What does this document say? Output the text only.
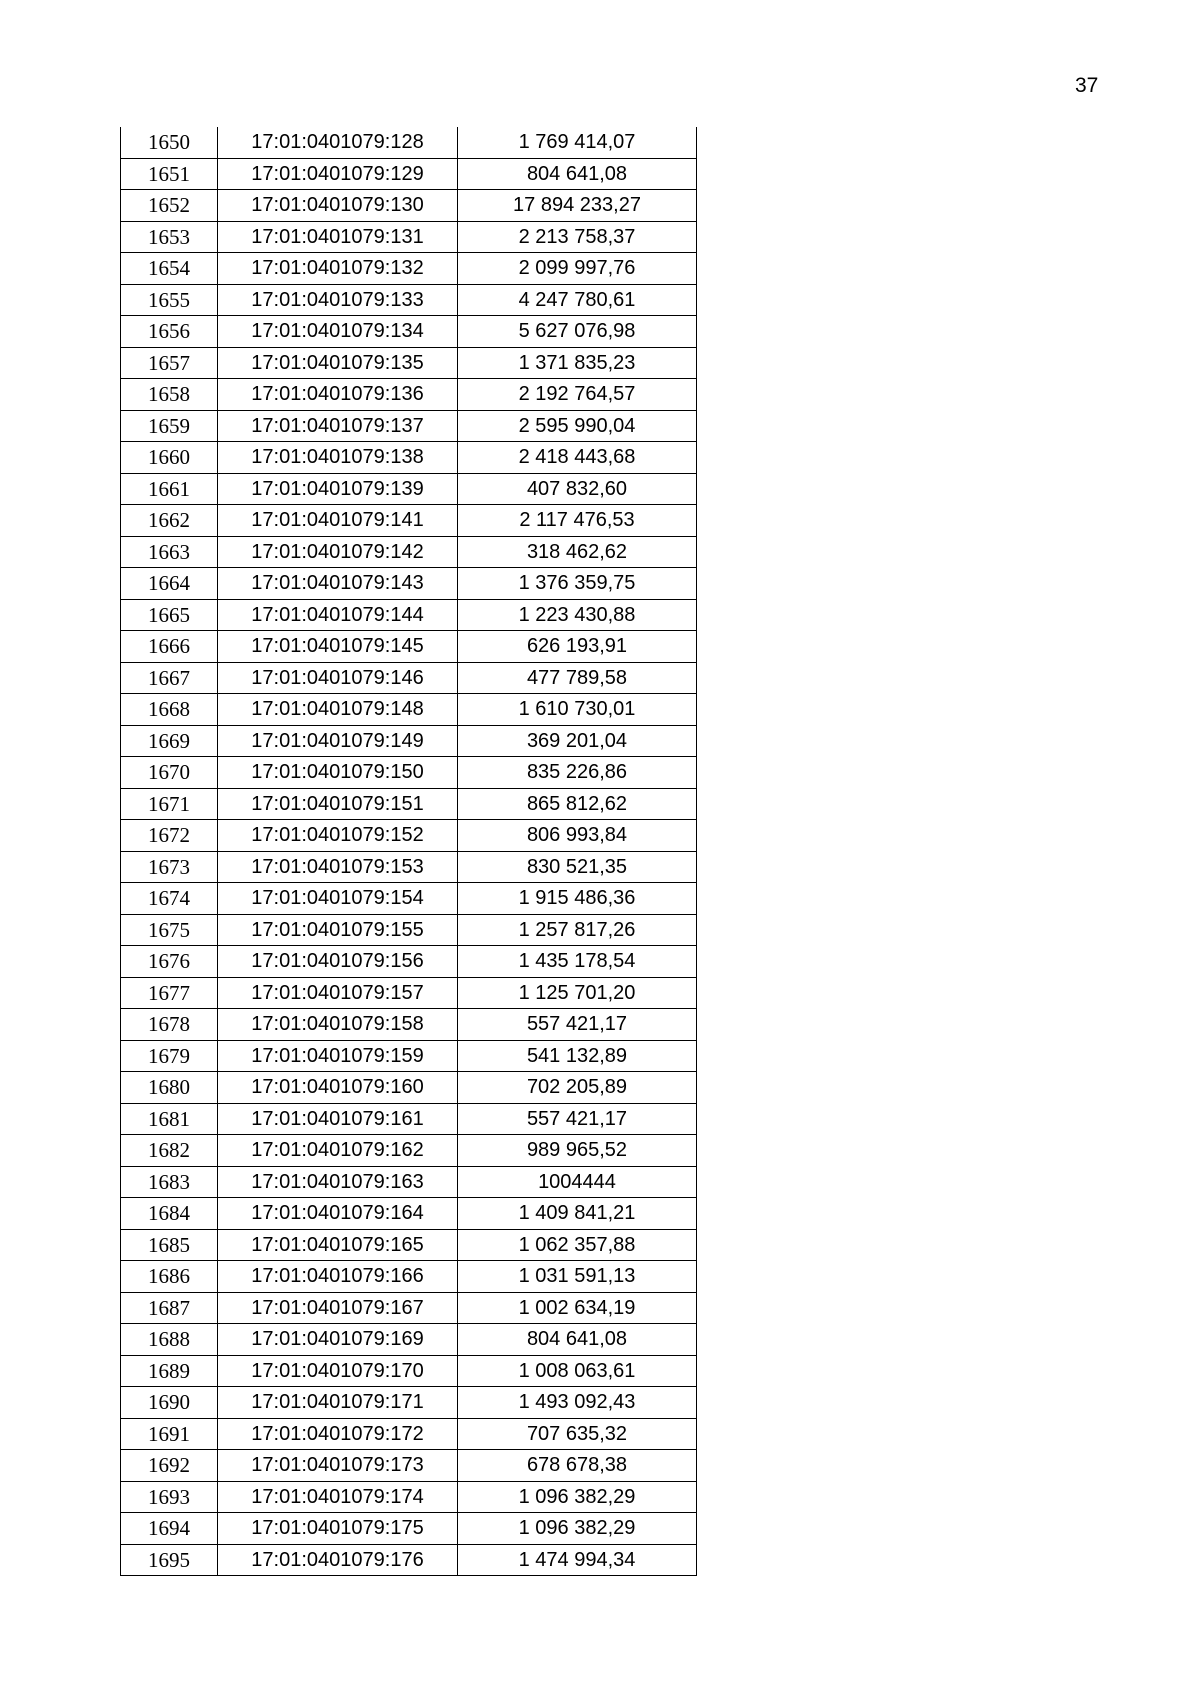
37
1650	17:01:0401079:128	1 769 414,07
1651	17:01:0401079:129	804 641,08
1652	17:01:0401079:130	17 894 233,27
1653	17:01:0401079:131	2 213 758,37
1654	17:01:0401079:132	2 099 997,76
1655	17:01:0401079:133	4 247 780,61
1656	17:01:0401079:134	5 627 076,98
1657	17:01:0401079:135	1 371 835,23
1658	17:01:0401079:136	2 192 764,57
1659	17:01:0401079:137	2 595 990,04
1660	17:01:0401079:138	2 418 443,68
1661	17:01:0401079:139	407 832,60
1662	17:01:0401079:141	2 117 476,53
1663	17:01:0401079:142	318 462,62
1664	17:01:0401079:143	1 376 359,75
1665	17:01:0401079:144	1 223 430,88
1666	17:01:0401079:145	626 193,91
1667	17:01:0401079:146	477 789,58
1668	17:01:0401079:148	1 610 730,01
1669	17:01:0401079:149	369 201,04
1670	17:01:0401079:150	835 226,86
1671	17:01:0401079:151	865 812,62
1672	17:01:0401079:152	806 993,84
1673	17:01:0401079:153	830 521,35
1674	17:01:0401079:154	1 915 486,36
1675	17:01:0401079:155	1 257 817,26
1676	17:01:0401079:156	1 435 178,54
1677	17:01:0401079:157	1 125 701,20
1678	17:01:0401079:158	557 421,17
1679	17:01:0401079:159	541 132,89
1680	17:01:0401079:160	702 205,89
1681	17:01:0401079:161	557 421,17
1682	17:01:0401079:162	989 965,52
1683	17:01:0401079:163	1004444
1684	17:01:0401079:164	1 409 841,21
1685	17:01:0401079:165	1 062 357,88
1686	17:01:0401079:166	1 031 591,13
1687	17:01:0401079:167	1 002 634,19
1688	17:01:0401079:169	804 641,08
1689	17:01:0401079:170	1 008 063,61
1690	17:01:0401079:171	1 493 092,43
1691	17:01:0401079:172	707 635,32
1692	17:01:0401079:173	678 678,38
1693	17:01:0401079:174	1 096 382,29
1694	17:01:0401079:175	1 096 382,29
1695	17:01:0401079:176	1 474 994,34
